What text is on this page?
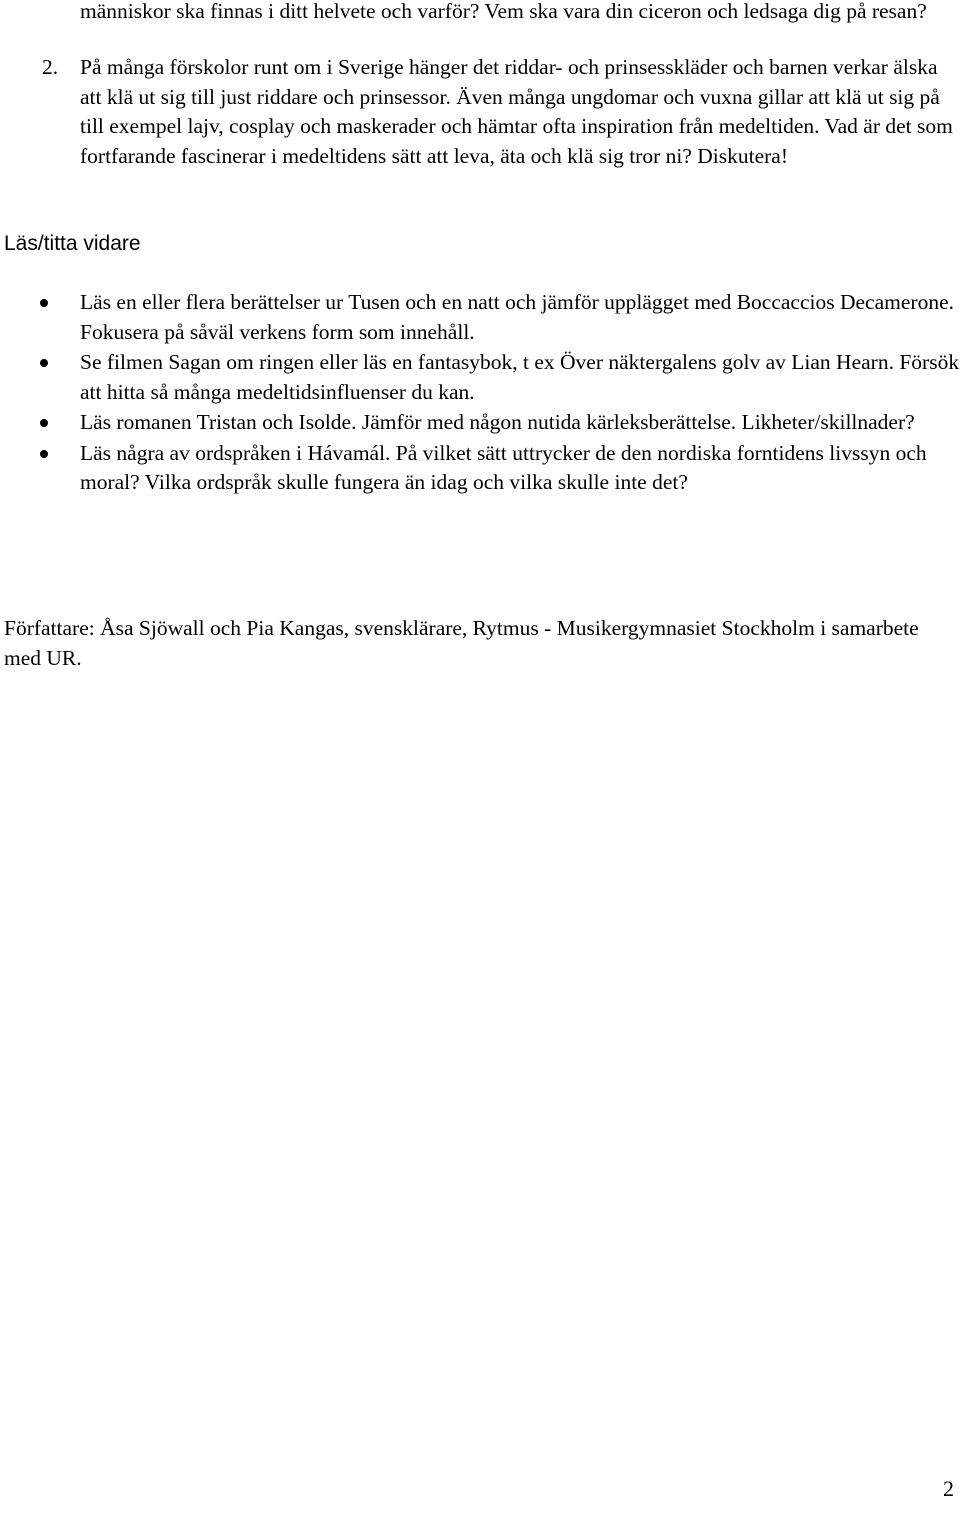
människor ska finnas i ditt helvete och varför? Vem ska vara din ciceron och ledsaga dig på resan?
2. På många förskolor runt om i Sverige hänger det riddar- och prinsesskläder och barnen verkar älska att klä ut sig till just riddare och prinsessor. Även många ungdomar och vuxna gillar att klä ut sig på till exempel lajv, cosplay och maskerader och hämtar ofta inspiration från medeltiden. Vad är det som fortfarande fascinerar i medeltidens sätt att leva, äta och klä sig tror ni? Diskutera!
Läs/titta vidare
Läs en eller flera berättelser ur Tusen och en natt och jämför upplägget med Boccaccios Decamerone. Fokusera på såväl verkens form som innehåll.
Se filmen Sagan om ringen eller läs en fantasybok, t ex Över näktergalens golv av Lian Hearn. Försök att hitta så många medeltidsinfluenser du kan.
Läs romanen Tristan och Isolde. Jämför med någon nutida kärleksberättelse. Likheter/skillnader?
Läs några av ordspråken i Hávamál. På vilket sätt uttrycker de den nordiska forntidens livssyn och moral? Vilka ordspråk skulle fungera än idag och vilka skulle inte det?
Författare: Åsa Sjöwall och Pia Kangas, svensklärare, Rytmus - Musikergymnasiet Stockholm i samarbete med UR.
2
